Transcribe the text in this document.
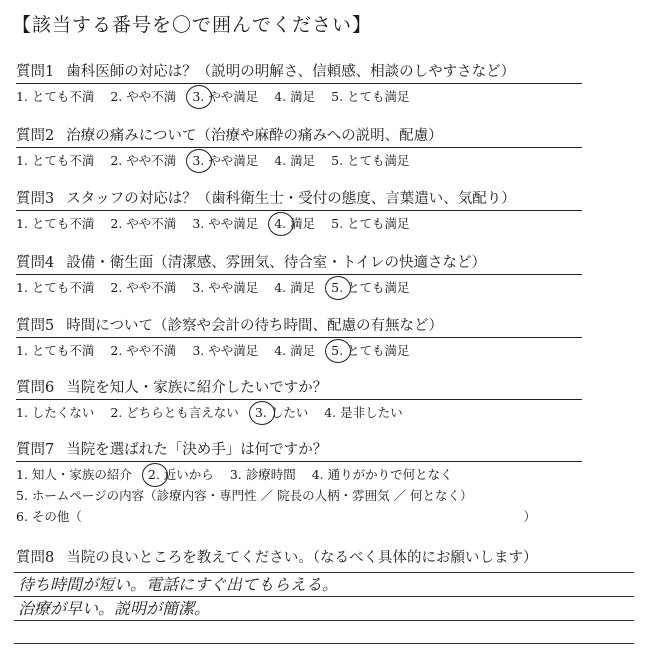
【該当する番号を〇で囲んでください】
質問1 歯科医師の対応は？（説明の明解さ、信頼感、相談のしやすさなど）
1. とても不満 2. やや不満 3. やや満足 4. 満足 5. とても満足
質問2 治療の痛みについて（治療や麻酔の痛みへの説明、配慮）
1. とても不満 2. やや不満 3. やや満足 4. 満足 5. とても満足
質問3 スタッフの対応は？（歯科衛生士・受付の態度、言葉遣い、気配り）
1. とても不満 2. やや不満 3. やや満足 4. 満足 5. とても満足
質問4 設備・衛生面（清潔感、雰囲気、待合室・トイレの快適さなど）
1. とても不満 2. やや不満 3. やや満足 4. 満足 5. とても満足
質問5 時間について（診察や会計の待ち時間、配慮の有無など）
1. とても不満 2. やや不満 3. やや満足 4. 満足 5. とても満足
質問6 当院を知人・家族に紹介したいですか？
1. したくない 2. どちらとも言えない 3. したい 4. 是非したい
質問7 当院を選ばれた「決め手」は何ですか？
1. 知人・家族の紹介 2. 近いから 3. 診療時間 4. 通りがかりで何となく
5. ホームページの内容（診療内容・専門性 ／ 院長の人柄・雰囲気 ／ 何となく）
6. その他（	）
質問8 当院の良いところを教えてください。（なるべく具体的にお願いします）
待ち時間が短い。電話にすぐ出てもらえる。
治療が早い。説明が簡潔。
